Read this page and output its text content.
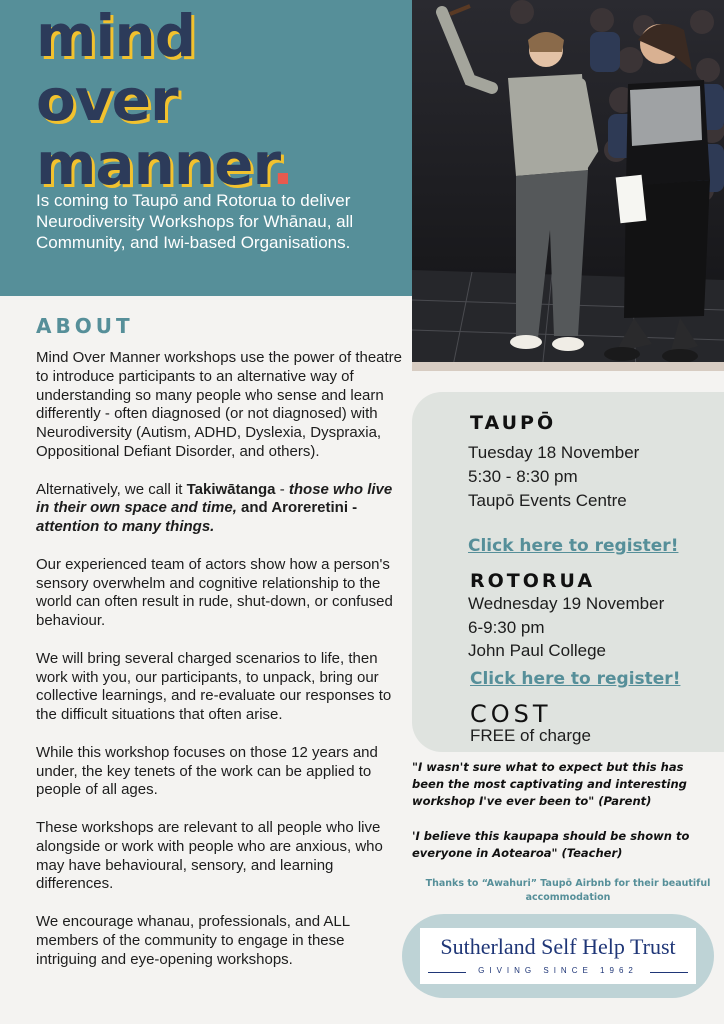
mind
over
manner.
Is coming to Taupō and Rotorua to deliver Neurodiversity Workshops for Whānau, all Community, and Iwi-based Organisations.
ABOUT

Mind Over Manner workshops use the power of theatre to introduce participants to an alternative way of understanding so many people who sense and learn differently - often diagnosed (or not diagnosed) with Neurodiversity (Autism, ADHD, Dyslexia, Dyspraxia, Oppositional Defiant Disorder, and others).

Alternatively, we call it Takiwātanga - those who live in their own space and time, and Aroreretini - attention to many things.

Our experienced team of actors show how a person's sensory overwhelm and cognitive relationship to the world can often result in rude, shut-down, or confused behaviour.

We will bring several charged scenarios to life, then work with you, our participants, to unpack, bring our collective learnings, and re-evaluate our responses to the difficult situations that often arise.

While this workshop focuses on those 12 years and under, the key tenets of the work can be applied to people of all ages.

These workshops are relevant to all people who live alongside or work with people who are anxious, who may have behavioural, sensory, and learning differences.

We encourage whanau, professionals, and ALL members of the community to engage in these intriguing and eye-opening workshops.

TAUPŌ
Tuesday 18 November
5:30 - 8:30 pm
Taupō Events Centre
Click here to register!
ROTORUA
Wednesday 19 November
6-9:30 pm
John Paul College
Click here to register!
COST
FREE of charge
"I wasn't sure what to expect but this has been the most captivating and interesting workshop I've ever been to" (Parent)
'I believe this kaupapa should be shown to everyone in Aotearoa" (Teacher)
Thanks to “Awahuri” Taupō Airbnb for their beautiful accommodation
Sutherland Self Help Trust
GIVING SINCE 1962
